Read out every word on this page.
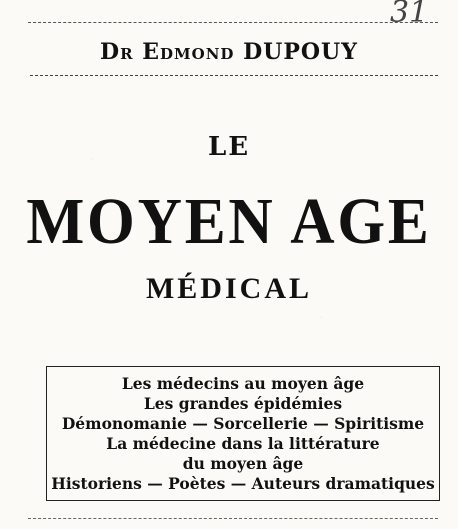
31
Dr Edmond DUPOUY
LE
MOYEN AGE
MÉDICAL
Les médecins au moyen âge
Les grandes épidémies
Démonomanie — Sorcellerie — Spiritisme
La médecine dans la littérature
du moyen âge
Historiens — Poètes — Auteurs dramatiques
